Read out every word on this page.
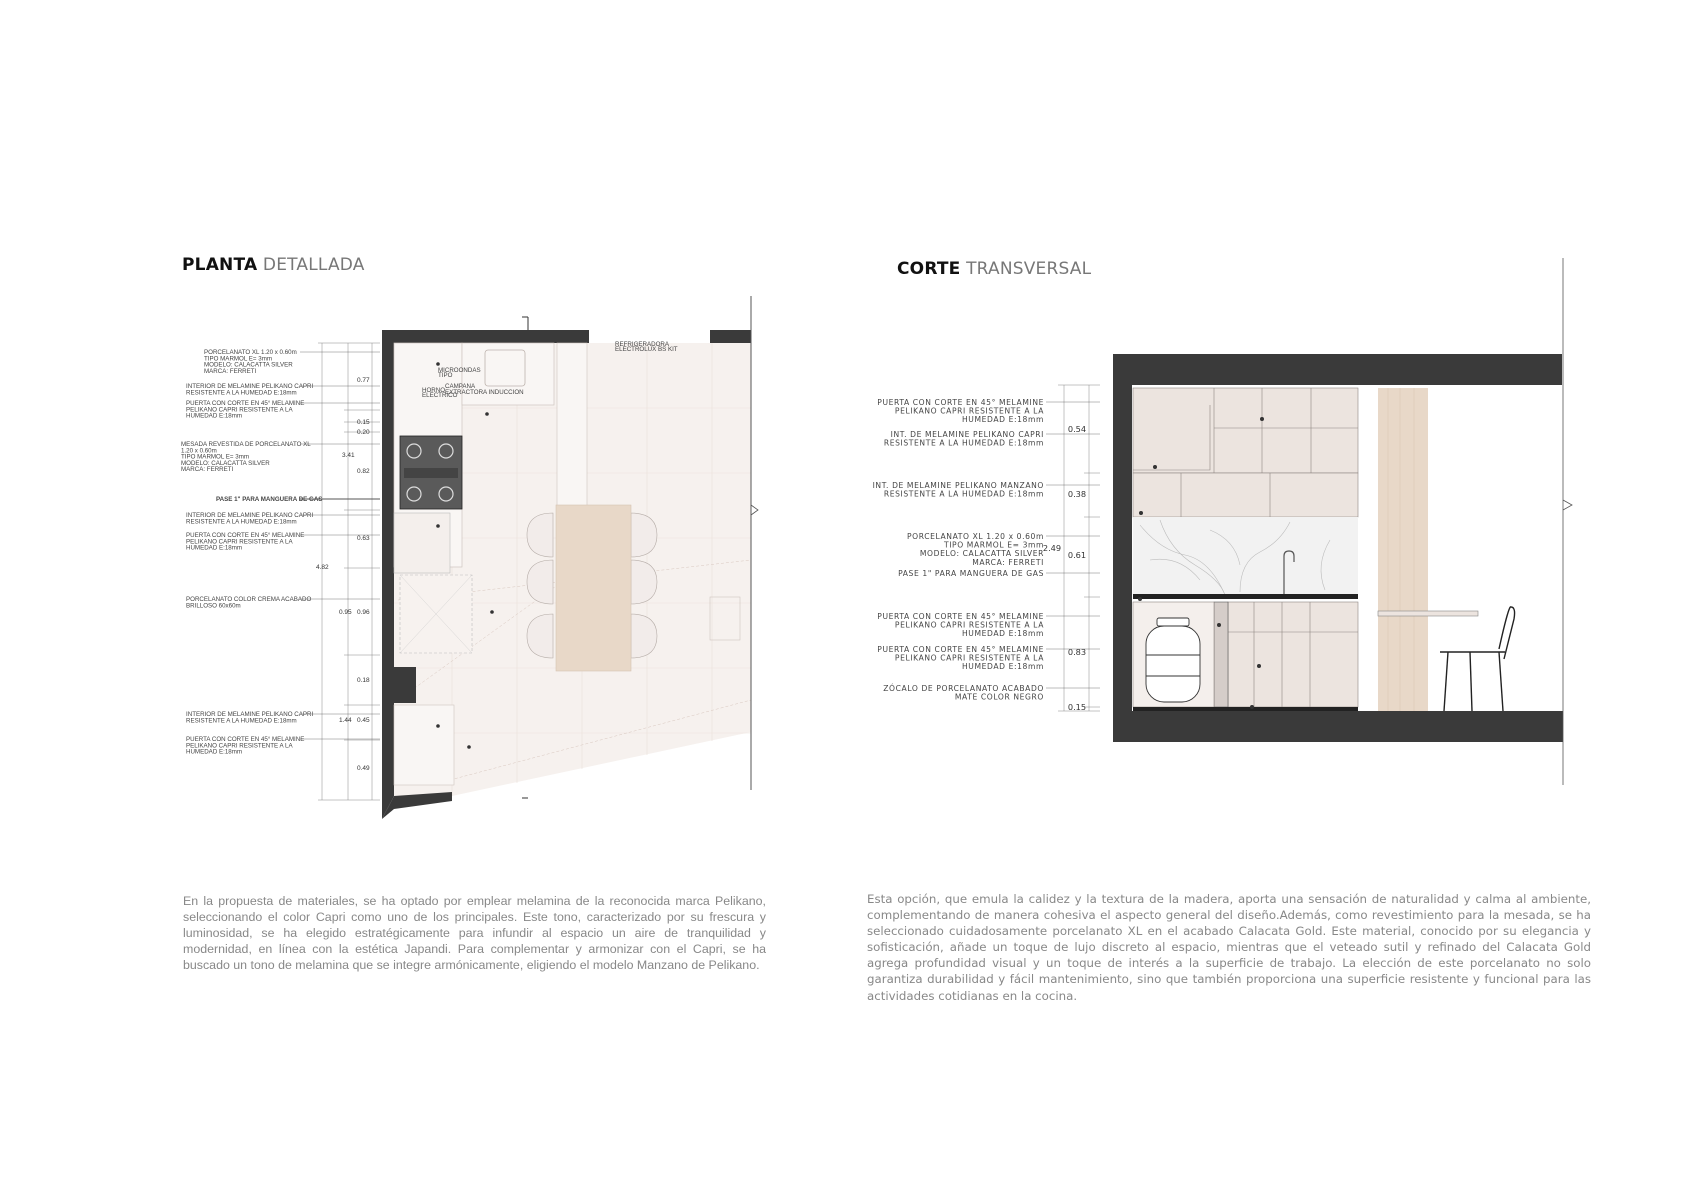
PLANTA DETALLADA	CORTE TRANSVERSAL
PORCELANATO XL 1.20 x 0.60m
TIPO MARMOL E= 3mm
MODELO: CALACATTA SILVER
MARCA: FERRETI
INTERIOR DE MELAMINE PELIKANO CAPRI
RESISTENTE A LA HUMEDAD E:18mm
PUERTA CON CORTE EN 45° MELAMINE
PELIKANO CAPRI RESISTENTE A LA
HUMEDAD E:18mm
MESADA REVESTIDA DE PORCELANATO XL
1.20 x 0.60m
TIPO MARMOL E= 3mm
MODELO: CALACATTA SILVER
MARCA: FERRETI
PASE 1" PARA MANGUERA DE GAS
INTERIOR DE MELAMINE PELIKANO CAPRI
RESISTENTE A LA HUMEDAD E:18mm
PUERTA CON CORTE EN 45° MELAMINE
PELIKANO CAPRI RESISTENTE A LA
HUMEDAD E:18mm
PORCELANATO COLOR CREMA ACABADO
BRILLOSO 60x60m
INTERIOR DE MELAMINE PELIKANO CAPRI
RESISTENTE A LA HUMEDAD E:18mm
PUERTA CON CORTE EN 45° MELAMINE
PELIKANO CAPRI RESISTENTE A LA
HUMEDAD E:18mm
0.77
0.15
0.20
0.82
0.63
0.96
0.18
0.45
0.49
3.41
4.82
0.95
1.44
REFRIGERADORA
ELECTROLUX BS KIT
MICROONDAS
TIPO
HORNO
ELECTRICO
CAMPANA
EXTRACTORA INDUCCION
PUERTA CON CORTE EN 45° MELAMINE
PELIKANO CAPRI RESISTENTE A LA
HUMEDAD E:18mm
INT. DE MELAMINE PELIKANO CAPRI
RESISTENTE A LA HUMEDAD E:18mm
INT. DE MELAMINE PELIKANO MANZANO
RESISTENTE A LA HUMEDAD E:18mm
PORCELANATO XL 1.20 x 0.60m
TIPO MARMOL E= 3mm
MODELO: CALACATTA SILVER
MARCA: FERRETI
PASE 1" PARA MANGUERA DE GAS
PUERTA CON CORTE EN 45° MELAMINE
PELIKANO CAPRI RESISTENTE A LA
HUMEDAD E:18mm
PUERTA CON CORTE EN 45° MELAMINE
PELIKANO CAPRI RESISTENTE A LA
HUMEDAD E:18mm
ZÓCALO DE PORCELANATO ACABADO
MATE COLOR NEGRO
0.54
0.38
0.61
0.83
0.15
2.49
En la propuesta de materiales, se ha optado por emplear melamina de la reconocida marca Pelikano, seleccionando el color Capri como uno de los principales. Este tono, caracterizado por su frescura y luminosidad, se ha elegido estratégicamente para infundir al espacio un aire de tranquilidad y modernidad, en línea con la estética Japandi. Para complementar y armonizar con el Capri, se ha buscado un tono de melamina que se integre armónicamente, eligiendo el modelo Manzano de Pelikano.
Esta opción, que emula la calidez y la textura de la madera, aporta una sensación de naturalidad y calma al ambiente, complementando de manera cohesiva el aspecto general del diseño.Además, como revestimiento para la mesada, se ha seleccionado cuidadosamente porcelanato XL en el acabado Calacata Gold. Este material, conocido por su elegancia y sofisticación, añade un toque de lujo discreto al espacio, mientras que el veteado sutil y refinado del Calacata Gold agrega profundidad visual y un toque de interés a la superficie de trabajo. La elección de este porcelanato no solo garantiza durabilidad y fácil mantenimiento, sino que también proporciona una superficie resistente y funcional para las actividades cotidianas en la cocina.
